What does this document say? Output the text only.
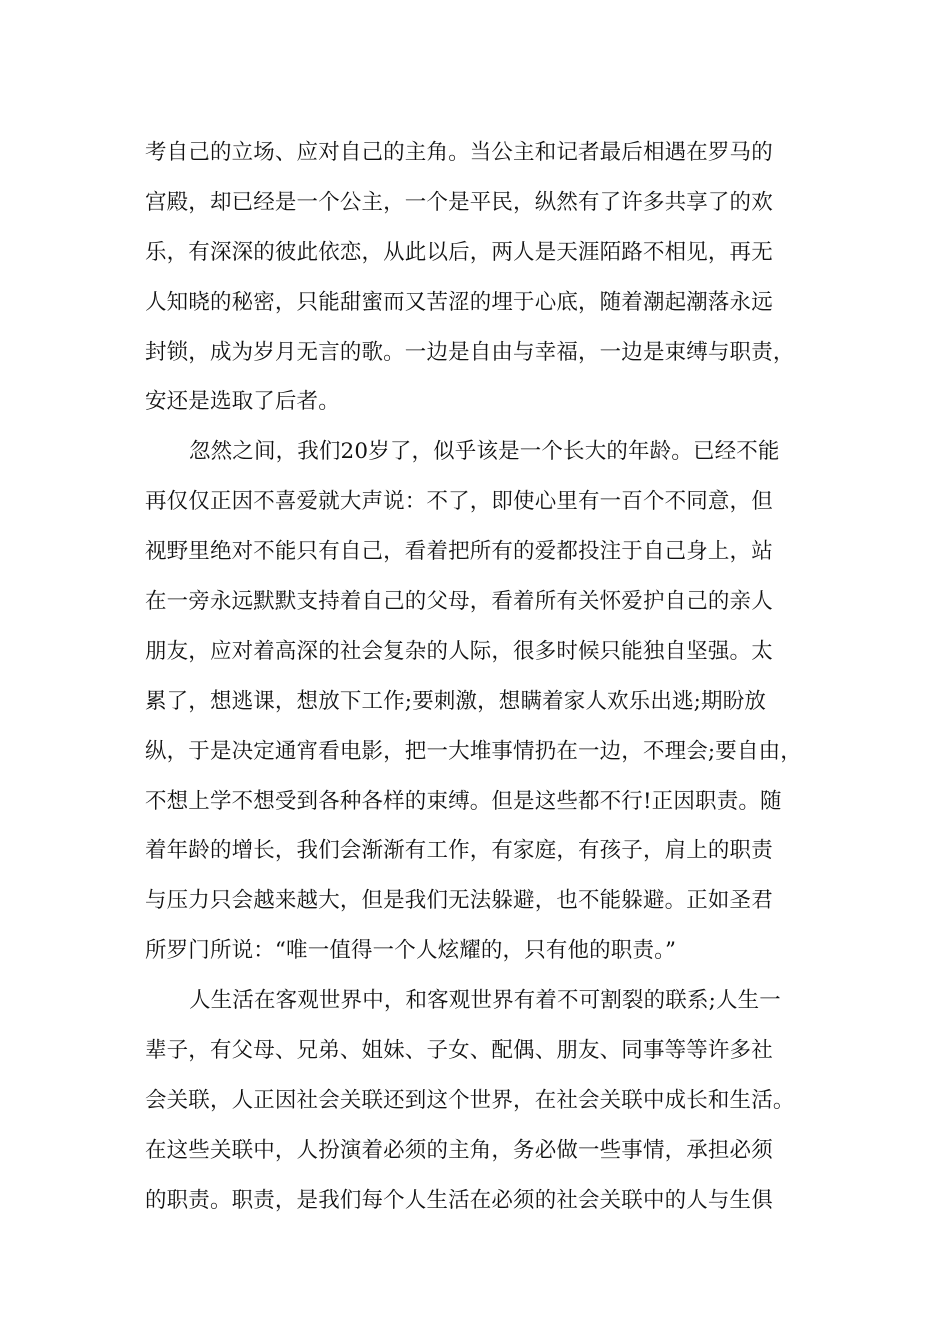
考自己的立场、应对自己的主角。当公主和记者最后相遇在罗马的
宫殿，却已经是一个公主，一个是平民，纵然有了许多共享了的欢
乐，有深深的彼此依恋，从此以后，两人是天涯陌路不相见，再无
人知晓的秘密，只能甜蜜而又苦涩的埋于心底，随着潮起潮落永远
封锁，成为岁月无言的歌。一边是自由与幸福，一边是束缚与职责，
安还是选取了后者。
忽然之间，我们20岁了，似乎该是一个长大的年龄。已经不能
再仅仅正因不喜爱就大声说：不了，即使心里有一百个不同意，但
视野里绝对不能只有自己，看着把所有的爱都投注于自己身上，站
在一旁永远默默支持着自己的父母，看着所有关怀爱护自己的亲人
朋友，应对着高深的社会复杂的人际，很多时候只能独自坚强。太
累了，想逃课，想放下工作;要刺激，想瞒着家人欢乐出逃;期盼放
纵，于是决定通宵看电影，把一大堆事情扔在一边，不理会;要自由，
不想上学不想受到各种各样的束缚。但是这些都不行!正因职责。随
着年龄的增长，我们会渐渐有工作，有家庭，有孩子，肩上的职责
与压力只会越来越大，但是我们无法躲避，也不能躲避。正如圣君
所罗门所说：“唯一值得一个人炫耀的，只有他的职责。”
人生活在客观世界中，和客观世界有着不可割裂的联系;人生一
辈子，有父母、兄弟、姐妹、子女、配偶、朋友、同事等等许多社
会关联，人正因社会关联还到这个世界，在社会关联中成长和生活。
在这些关联中，人扮演着必须的主角，务必做一些事情，承担必须
的职责。职责，是我们每个人生活在必须的社会关联中的人与生俱
